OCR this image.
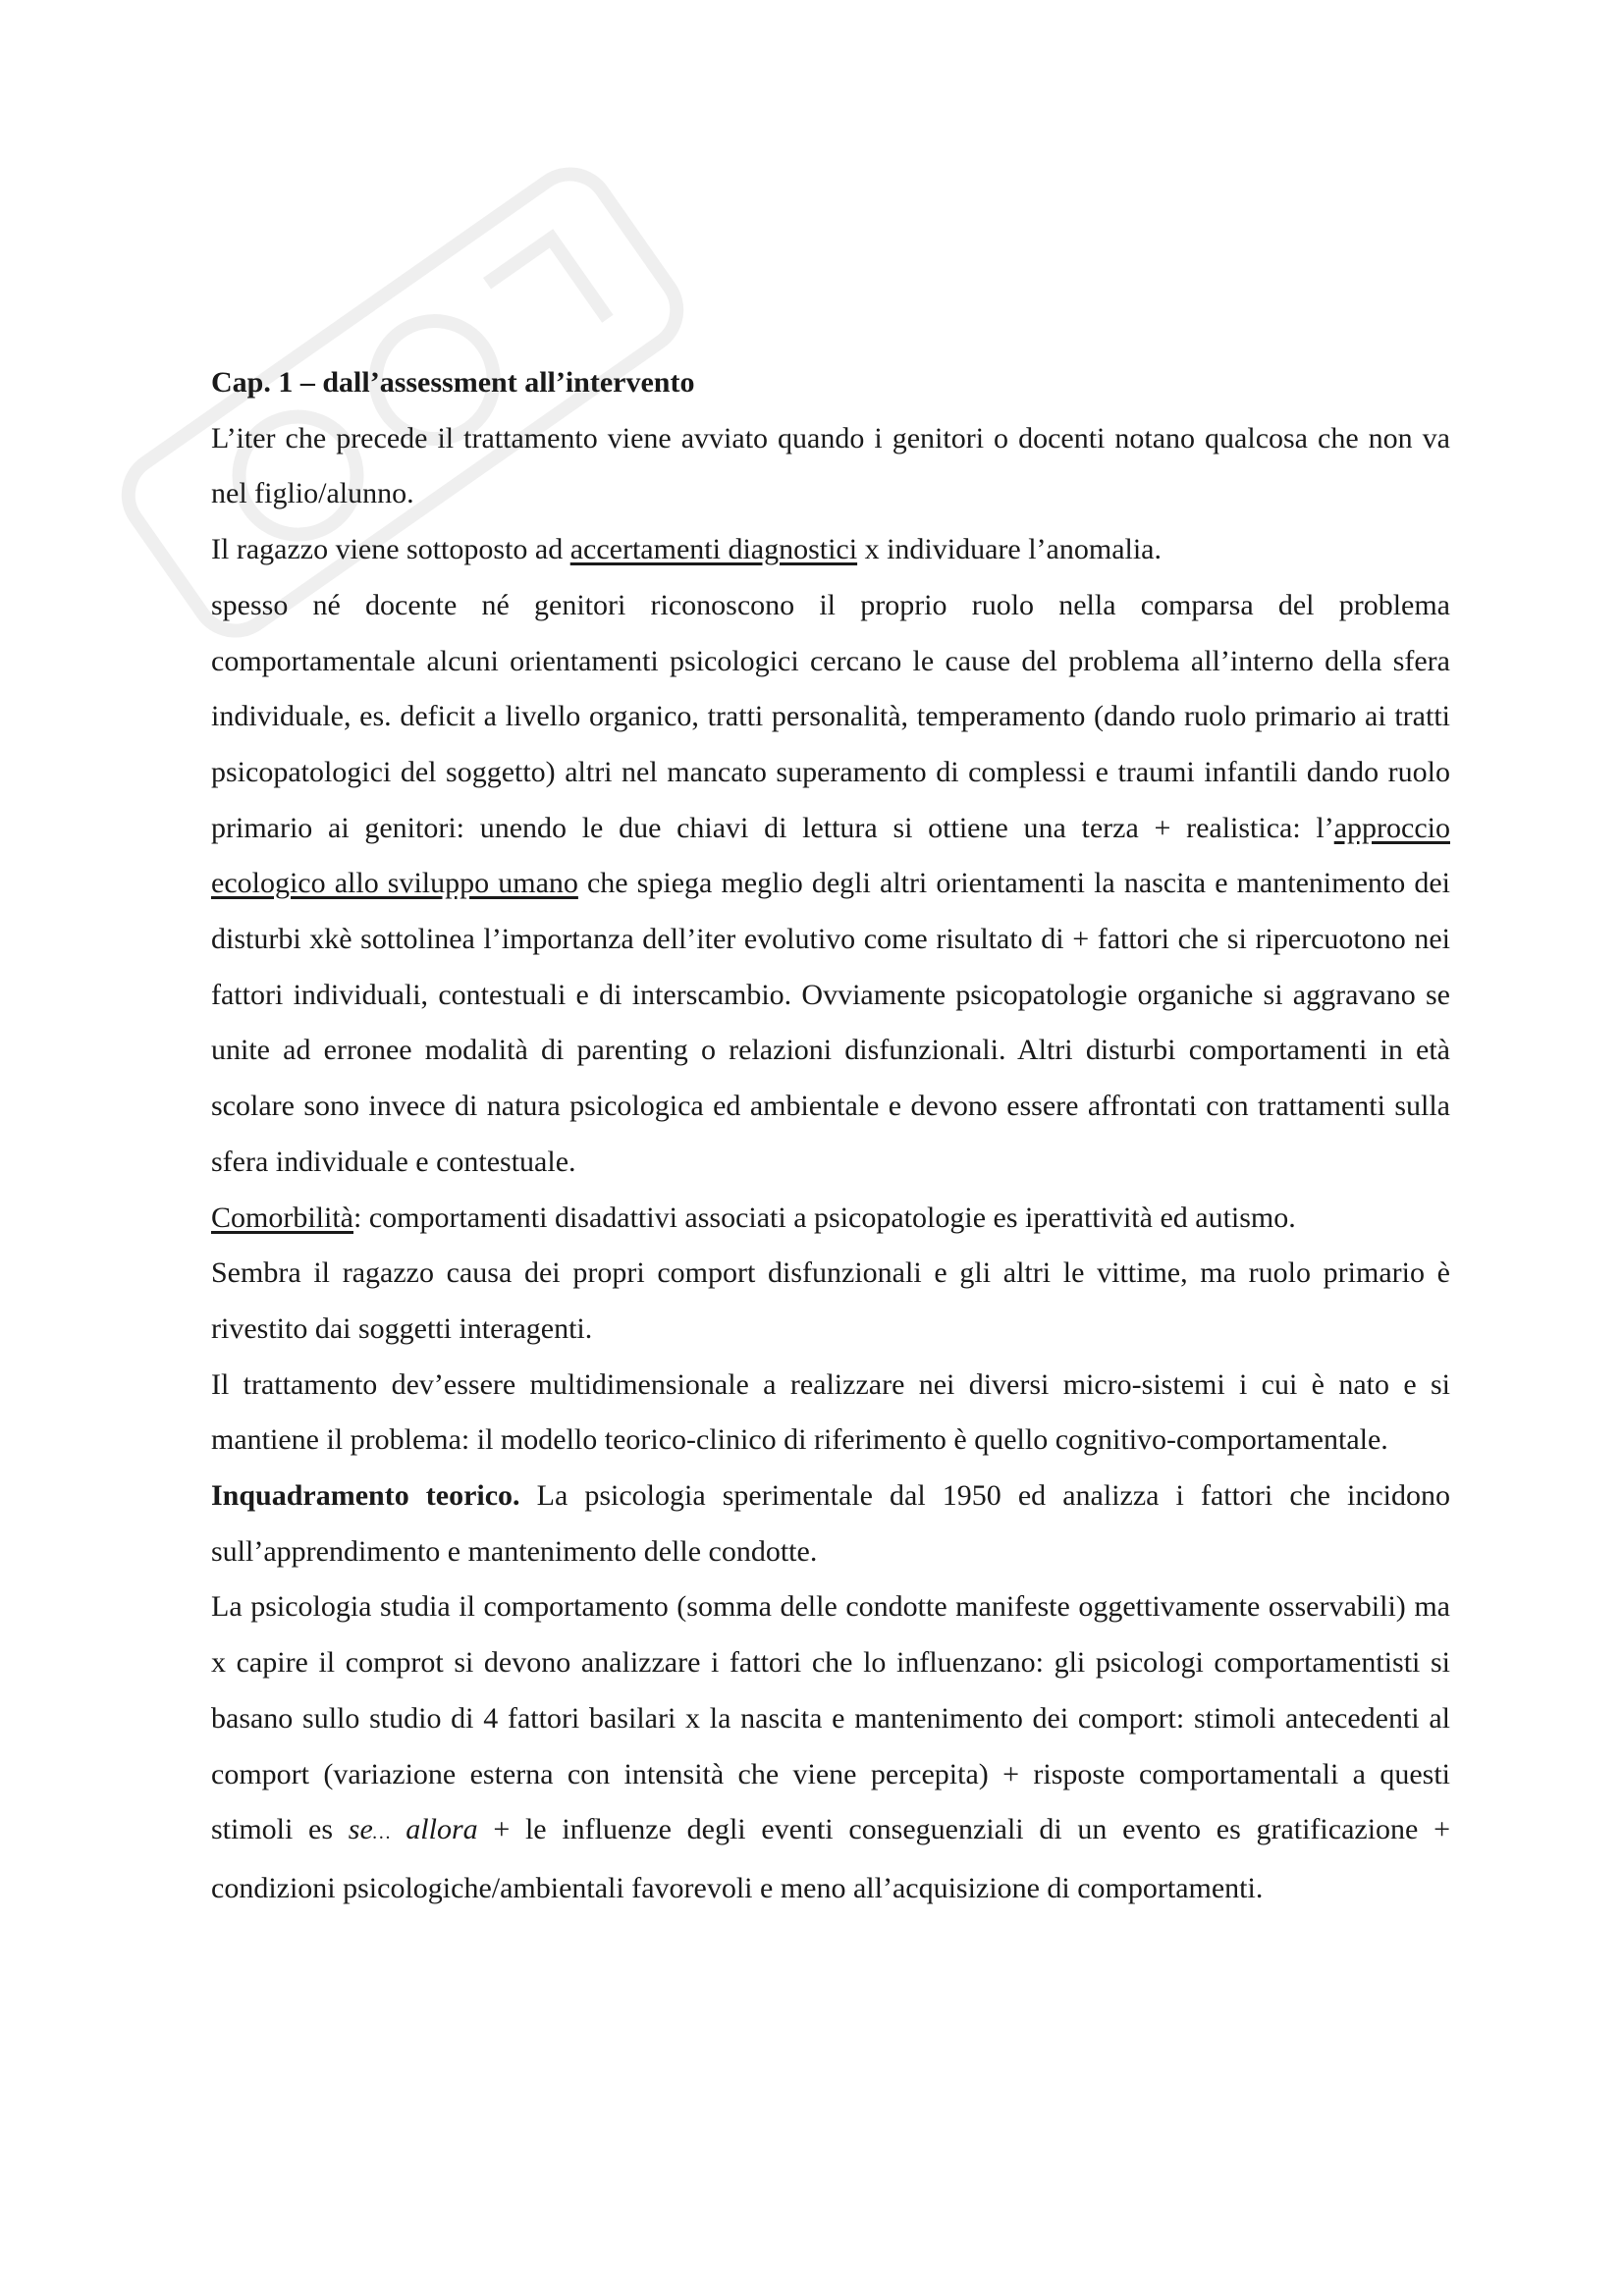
Cap. 1 – dall’assessment all’intervento

L’iter che precede il trattamento viene avviato quando i genitori o docenti notano qualcosa che non va nel figlio/alunno.

Il ragazzo viene sottoposto ad accertamenti diagnostici x individuare l’anomalia.

spesso né docente né genitori riconoscono il proprio ruolo nella comparsa del problema comportamentale alcuni orientamenti psicologici cercano le cause del problema all’interno della sfera individuale, es. deficit a livello organico, tratti personalità, temperamento (dando ruolo primario ai tratti psicopatologici del soggetto) altri nel mancato superamento di complessi e traumi infantili dando ruolo primario ai genitori: unendo le due chiavi di lettura si ottiene una terza + realistica: l’approccio ecologico allo sviluppo umano che spiega meglio degli altri orientamenti la nascita e mantenimento dei disturbi xkè sottolinea l’importanza dell’iter evolutivo come risultato di + fattori che si ripercuotono nei fattori individuali, contestuali e di interscambio. Ovviamente psicopatologie organiche si aggravano se unite ad erronee modalità di parenting o relazioni disfunzionali. Altri disturbi comportamenti in età scolare sono invece di natura psicologica ed ambientale e devono essere affrontati con trattamenti sulla sfera individuale e contestuale.

Comorbilità: comportamenti disadattivi associati a psicopatologie es iperattività ed autismo.

Sembra il ragazzo causa dei propri comport disfunzionali e gli altri le vittime, ma ruolo primario è rivestito dai soggetti interagenti.

Il trattamento dev’essere multidimensionale a realizzare nei diversi micro-sistemi i cui è nato e si mantiene il problema: il modello teorico-clinico di riferimento è quello cognitivo-comportamentale.

Inquadramento teorico. La psicologia sperimentale dal 1950 ed analizza i fattori che incidono sull’apprendimento e mantenimento delle condotte.

La psicologia studia il comportamento (somma delle condotte manifeste oggettivamente osservabili) ma x capire il comprot si devono analizzare i fattori che lo influenzano: gli psicologi comportamentisti si basano sullo studio di 4 fattori basilari x la nascita e mantenimento dei comport: stimoli antecedenti al comport (variazione esterna con intensità che viene percepita) + risposte comportamentali a questi stimoli es se… allora + le influenze degli eventi conseguenziali di un evento es gratificazione + condizioni psicologiche/ambientali favorevoli e meno all’acquisizione di comportamenti.
